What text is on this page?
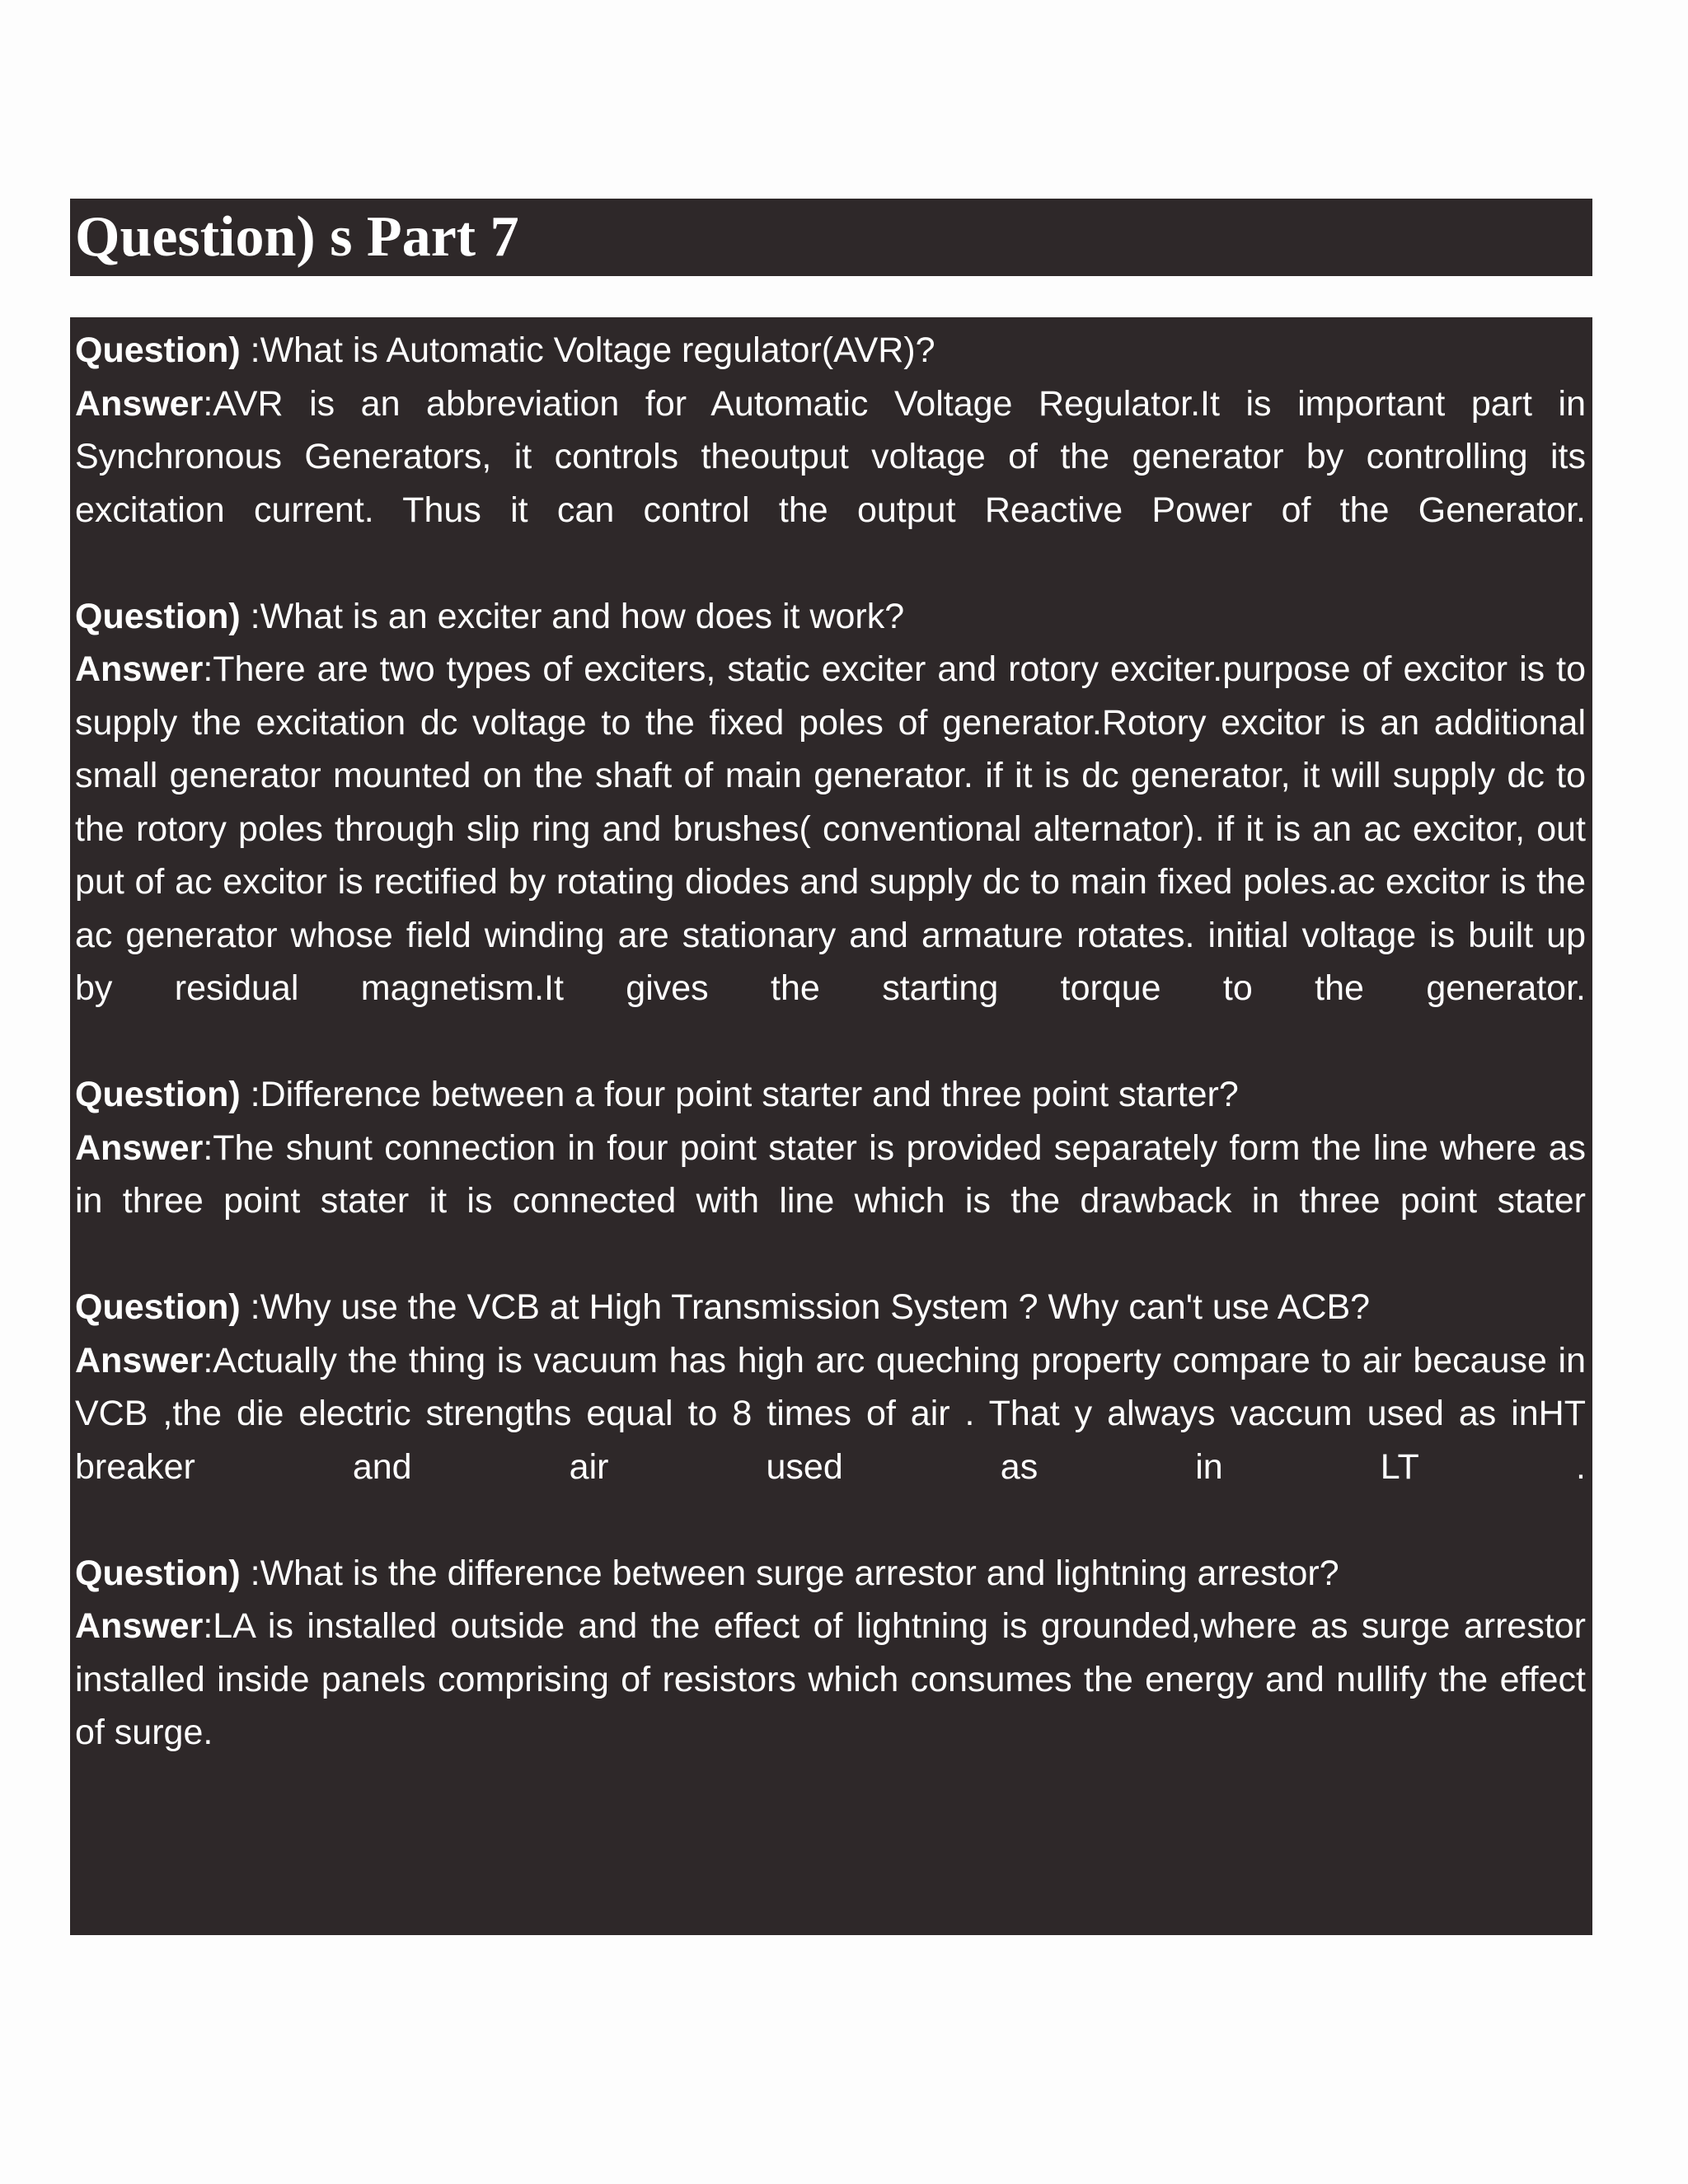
Question) s Part 7
Question) :What is Automatic Voltage regulator(AVR)?
Answer:AVR is an abbreviation for Automatic Voltage Regulator.It is important part in Synchronous Generators, it controls theoutput voltage of the generator by controlling its excitation current. Thus it can control the output Reactive Power of the Generator.
Question) :What is an exciter and how does it work?
Answer:There are two types of exciters, static exciter and rotory exciter.purpose of excitor is to supply the excitation dc voltage to the fixed poles of generator.Rotory excitor is an additional small generator mounted on the shaft of main generator. if it is dc generator, it will supply dc to the rotory poles through slip ring and brushes( conventional alternator). if it is an ac excitor, out put of ac excitor is rectified by rotating diodes and supply dc to main fixed poles.ac excitor is the ac generator whose field winding are stationary and armature rotates. initial voltage is built up by residual magnetism.It gives the starting torque to the generator.
Question) :Difference between a four point starter and three point starter?
Answer:The shunt connection in four point stater is provided separately form the line where as in three point stater it is connected with line which is the drawback in three point stater
Question) :Why use the VCB at High Transmission System ? Why can't use ACB?
Answer:Actually the thing is vacuum has high arc queching property compare to air because in VCB ,the die electric strengths equal to 8 times of air . That y always vaccum used as inHT breaker and air used as in LT .
Question) :What is the difference between surge arrestor and lightning arrestor?
Answer:LA is installed outside and the effect of lightning is grounded,where as surge arrestor installed inside panels comprising of resistors which consumes the energy and nullify the effect of surge.
